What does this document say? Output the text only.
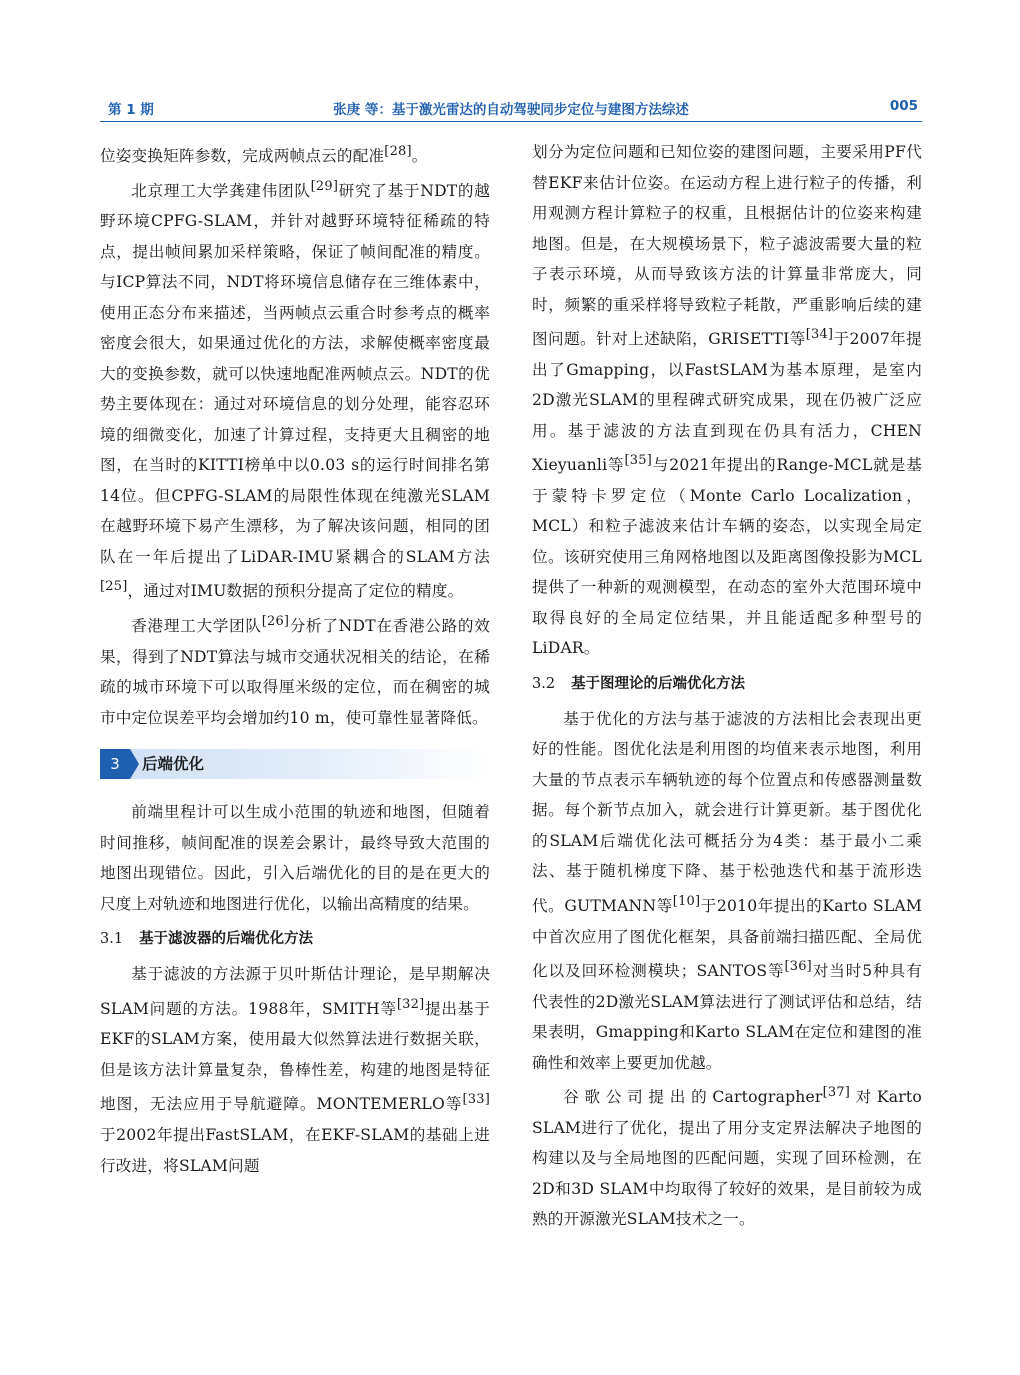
第 1 期	张庚 等：基于激光雷达的自动驾驶同步定位与建图方法综述	005

位姿变换矩阵参数，完成两帧点云的配准[28]。

北京理工大学龚建伟团队[29]研究了基于NDT的越野环境CPFG-SLAM，并针对越野环境特征稀疏的特点，提出帧间累加采样策略，保证了帧间配准的精度。与ICP算法不同，NDT将环境信息储存在三维体素中，使用正态分布来描述，当两帧点云重合时参考点的概率密度会很大，如果通过优化的方法，求解使概率密度最大的变换参数，就可以快速地配准两帧点云。NDT的优势主要体现在：通过对环境信息的划分处理，能容忍环境的细微变化，加速了计算过程，支持更大且稠密的地图，在当时的KITTI榜单中以0.03 s的运行时间排名第14位。但CPFG-SLAM的局限性体现在纯激光SLAM在越野环境下易产生漂移，为了解决该问题，相同的团队在一年后提出了LiDAR-IMU紧耦合的SLAM方法[25]，通过对IMU数据的预积分提高了定位的精度。

香港理工大学团队[26]分析了NDT在香港公路的效果，得到了NDT算法与城市交通状况相关的结论，在稀疏的城市环境下可以取得厘米级的定位，而在稠密的城市中定位误差平均会增加约10 m，使可靠性显著降低。

3	后端优化

前端里程计可以生成小范围的轨迹和地图，但随着时间推移，帧间配准的误差会累计，最终导致大范围的地图出现错位。因此，引入后端优化的目的是在更大的尺度上对轨迹和地图进行优化，以输出高精度的结果。

3.1 基于滤波器的后端优化方法

基于滤波的方法源于贝叶斯估计理论，是早期解决SLAM问题的方法。1988年，SMITH等[32]提出基于EKF的SLAM方案，使用最大似然算法进行数据关联，但是该方法计算量复杂，鲁棒性差，构建的地图是特征地图，无法应用于导航避障。MONTEMERLO等[33]于2002年提出FastSLAM，在EKF-SLAM的基础上进行改进，将SLAM问题

划分为定位问题和已知位姿的建图问题，主要采用PF代替EKF来估计位姿。在运动方程上进行粒子的传播，利用观测方程计算粒子的权重，且根据估计的位姿来构建地图。但是，在大规模场景下，粒子滤波需要大量的粒子表示环境，从而导致该方法的计算量非常庞大，同时，频繁的重采样将导致粒子耗散，严重影响后续的建图问题。针对上述缺陷，GRISETTI等[34]于2007年提出了Gmapping，以FastSLAM为基本原理，是室内2D激光SLAM的里程碑式研究成果，现在仍被广泛应用。基于滤波的方法直到现在仍具有活力，CHEN Xieyuanli等[35]与2021年提出的Range-MCL就是基于蒙特卡罗定位（Monte Carlo Localization，MCL）和粒子滤波来估计车辆的姿态，以实现全局定位。该研究使用三角网格地图以及距离图像投影为MCL提供了一种新的观测模型，在动态的室外大范围环境中取得良好的全局定位结果，并且能适配多种型号的LiDAR。

3.2 基于图理论的后端优化方法

基于优化的方法与基于滤波的方法相比会表现出更好的性能。图优化法是利用图的均值来表示地图，利用大量的节点表示车辆轨迹的每个位置点和传感器测量数据。每个新节点加入，就会进行计算更新。基于图优化的SLAM后端优化法可概括分为4类：基于最小二乘法、基于随机梯度下降、基于松弛迭代和基于流形迭代。GUTMANN等[10]于2010年提出的Karto SLAM中首次应用了图优化框架，具备前端扫描匹配、全局优化以及回环检测模块；SANTOS等[36]对当时5种具有代表性的2D激光SLAM算法进行了测试评估和总结，结果表明，Gmapping和Karto SLAM在定位和建图的准确性和效率上要更加优越。

谷歌公司提出的Cartographer[37]对Karto SLAM进行了优化，提出了用分支定界法解决子地图的构建以及与全局地图的匹配问题，实现了回环检测，在2D和3D SLAM中均取得了较好的效果，是目前较为成熟的开源激光SLAM技术之一。
